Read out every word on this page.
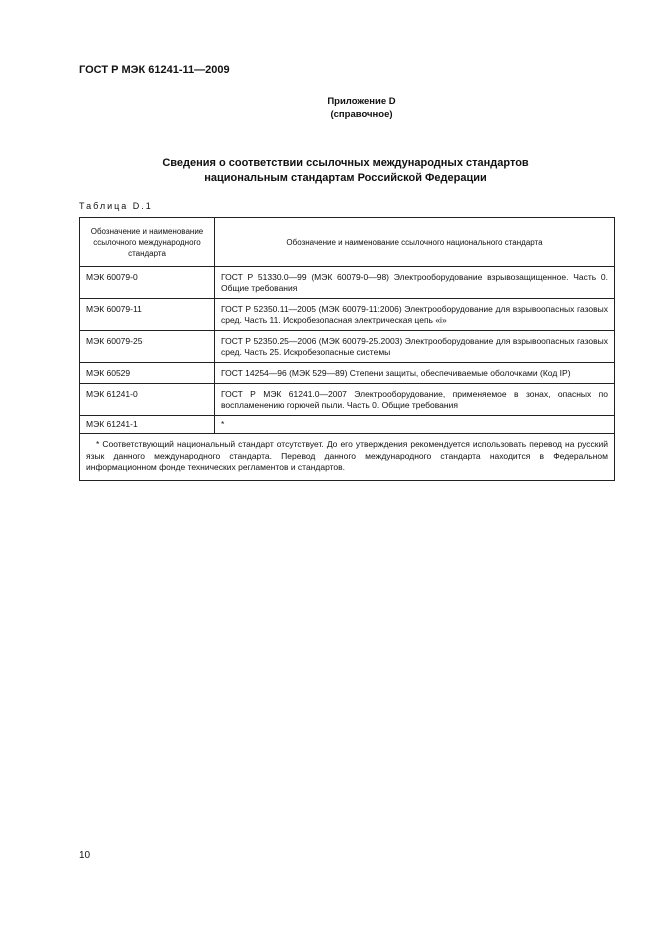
ГОСТ Р МЭК 61241-11—2009
Приложение D
(справочное)
Сведения о соответствии ссылочных международных стандартов
национальным стандартам Российской Федерации
Таблица D.1
Обозначение и наименование ссылочного международного стандарта	Обозначение и наименование ссылочного национального стандарта
МЭК 60079-0	ГОСТ Р 51330.0—99 (МЭК 60079-0—98) Электрооборудование взрывозащищенное. Часть 0. Общие требования
МЭК 60079-11	ГОСТ Р 52350.11—2005 (МЭК 60079-11:2006) Электрооборудование для взрывоопасных газовых сред. Часть 11. Искробезопасная электрическая цепь «i»
МЭК 60079-25	ГОСТ Р 52350.25—2006 (МЭК 60079-25.2003) Электрооборудование для взрывоопасных газовых сред. Часть 25. Искробезопасные системы
МЭК 60529	ГОСТ 14254—96 (МЭК 529—89) Степени защиты, обеспечиваемые оболочками (Код IP)
МЭК 61241-0	ГОСТ Р МЭК 61241.0—2007 Электрооборудование, применяемое в зонах, опасных по воспламенению горючей пыли. Часть 0. Общие требования
МЭК 61241-1	*
* Соответствующий национальный стандарт отсутствует. До его утверждения рекомендуется использовать перевод на русский язык данного международного стандарта. Перевод данного международного стандарта находится в Федеральном информационном фонде технических регламентов и стандартов.	
10
